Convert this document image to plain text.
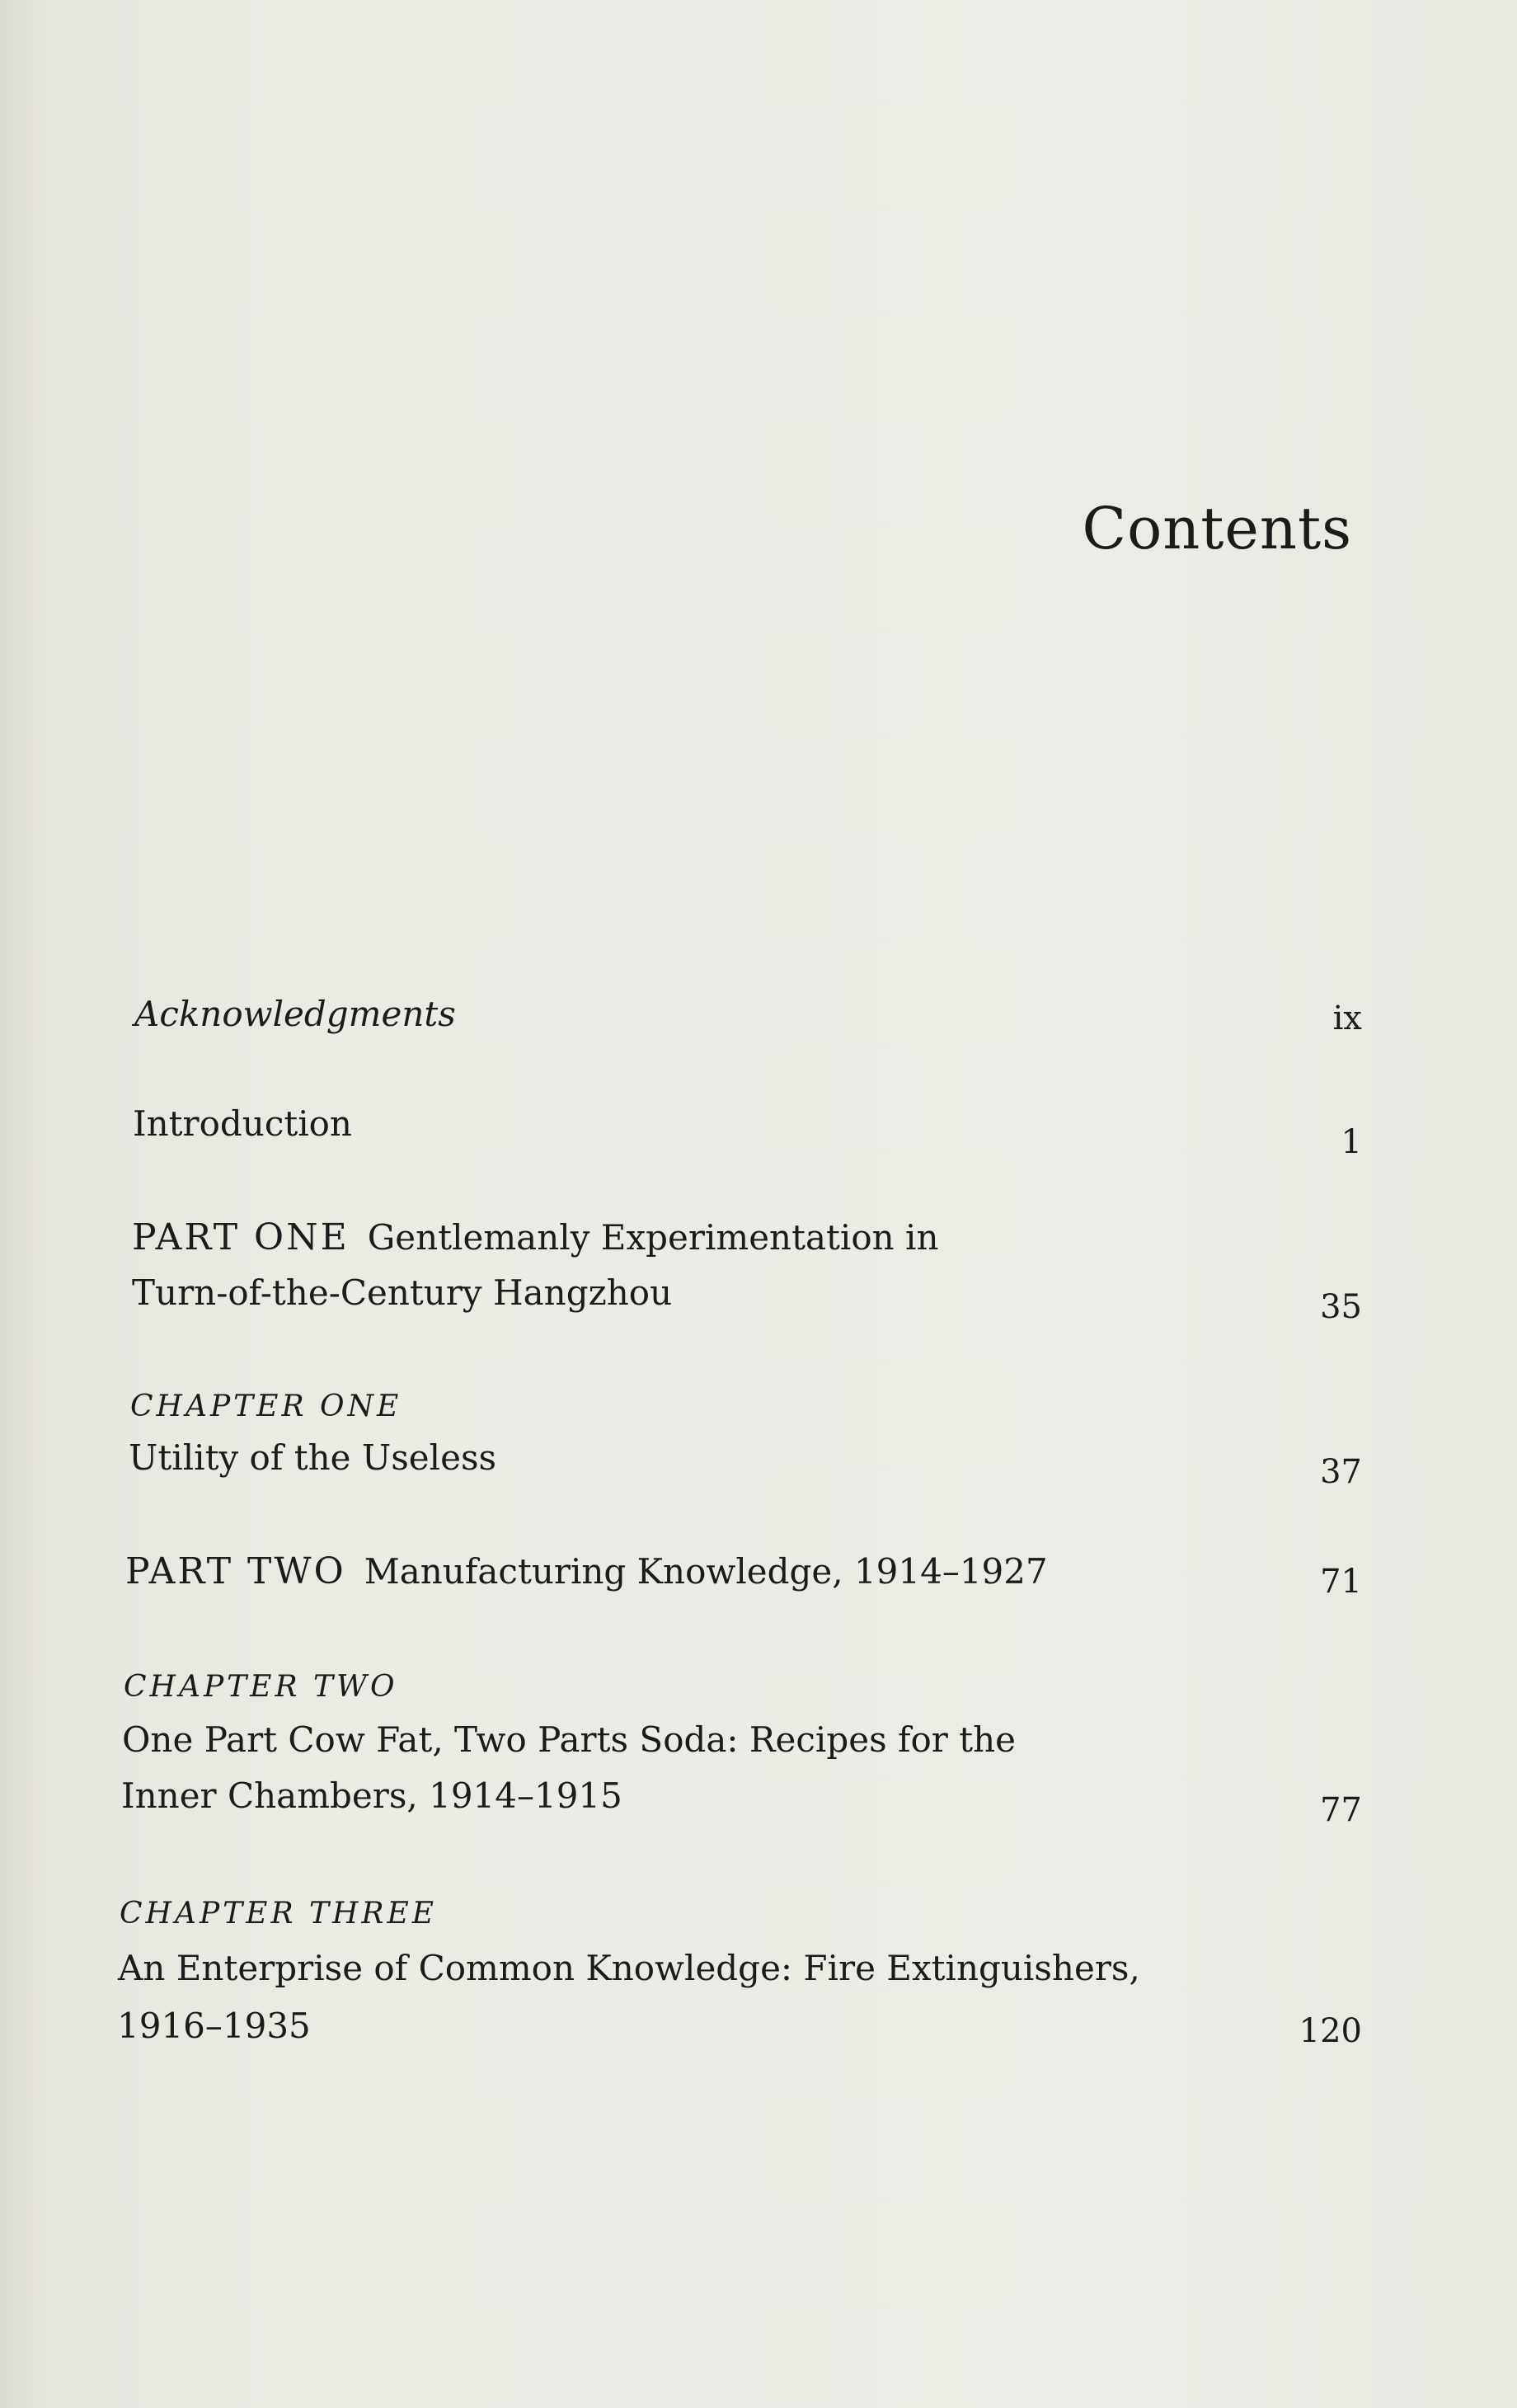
Contents
Acknowledgments	ix
Introduction	1
PART ONE Gentlemanly Experimentation in
Turn-of-the-Century Hangzhou	35
CHAPTER ONE
Utility of the Useless	37
PART TWO Manufacturing Knowledge, 1914–1927	71
CHAPTER TWO
One Part Cow Fat, Two Parts Soda: Recipes for the
Inner Chambers, 1914–1915	77
CHAPTER THREE
An Enterprise of Common Knowledge: Fire Extinguishers,
1916–1935	120
